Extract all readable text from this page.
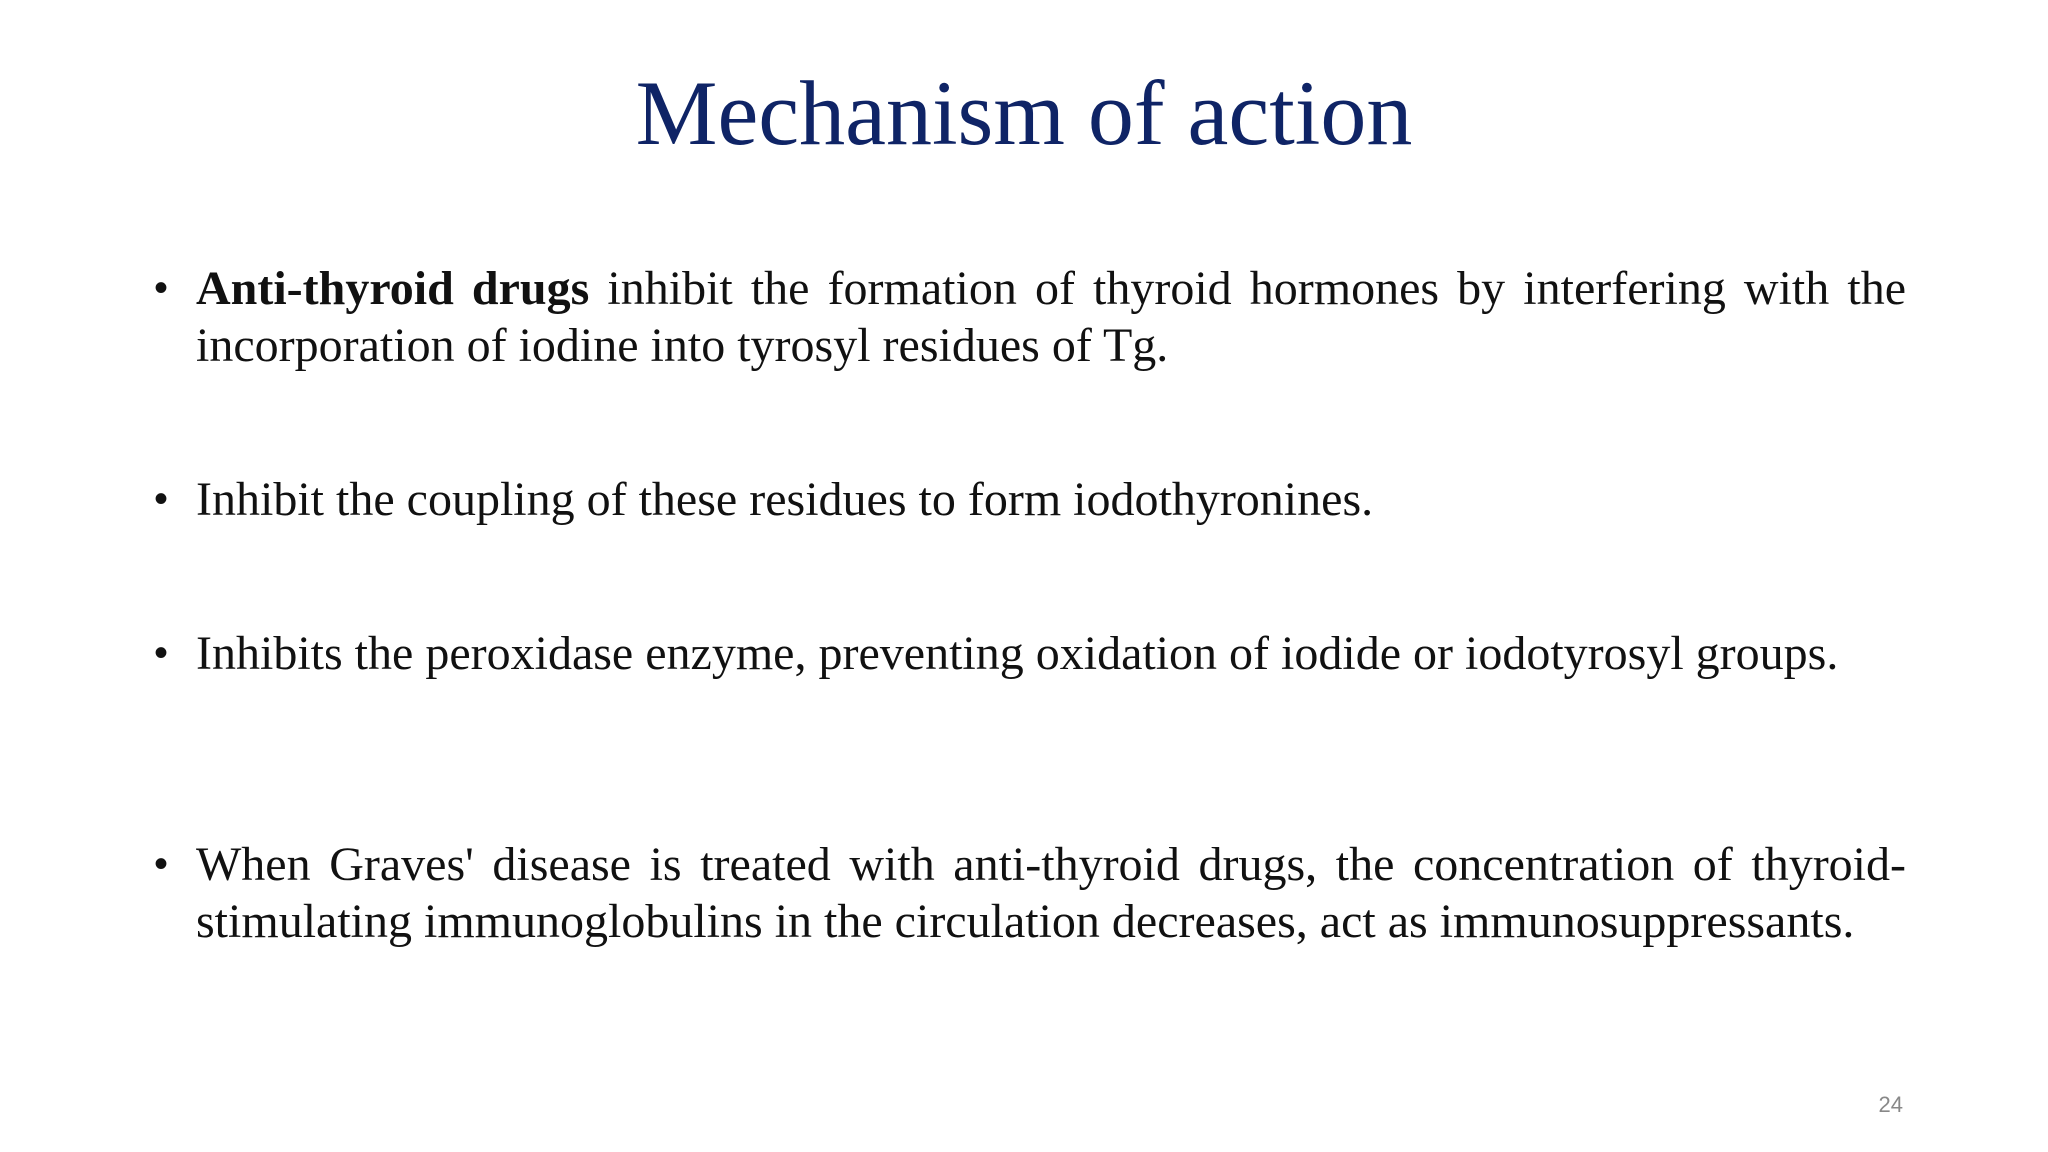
Mechanism of action
• Anti-thyroid drugs inhibit the formation of thyroid hormones by interfering with the incorporation of iodine into tyrosyl residues of Tg.
• Inhibit the coupling of these residues to form iodothyronines.
• Inhibits the peroxidase enzyme, preventing oxidation of iodide or iodotyrosyl groups.
• When Graves' disease is treated with anti-thyroid drugs, the concentration of thyroid-stimulating immunoglobulins in the circulation decreases, act as immunosuppressants.
24
